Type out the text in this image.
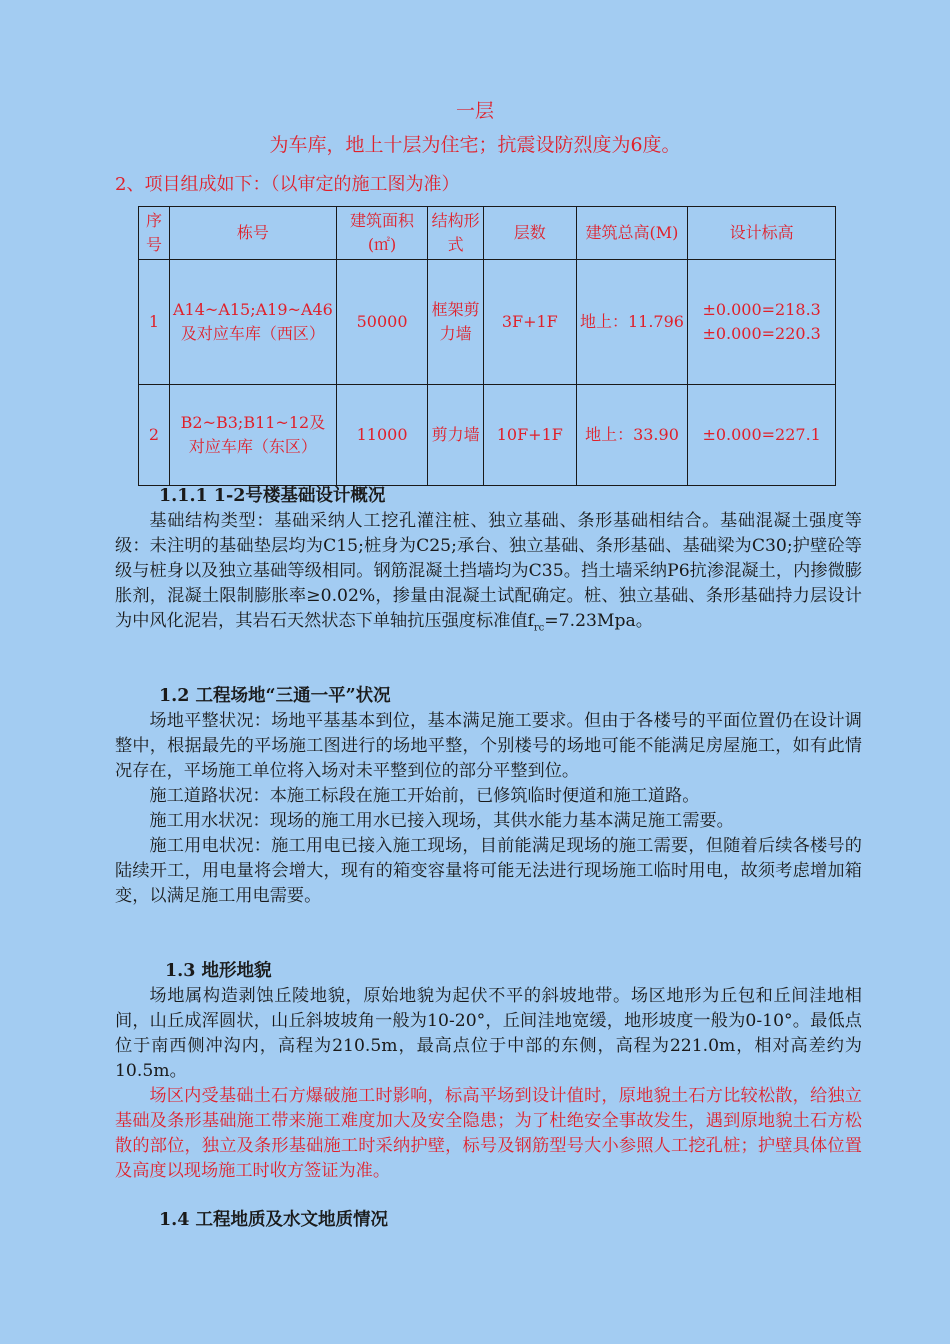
一层
为车库，地上十层为住宅；抗震设防烈度为6度。
2、项目组成如下：（以审定的施工图为准）
序号	栋号	建筑面积(㎡)	结构形式	层数	建筑总高(M)	设计标高
1	A14~A15;A19~A46及对应车库（西区）	50000	框架剪力墙	3F+1F	地上：11.796	±0.000=218.3
±0.000=220.3
2	B2~B3;B11~12及对应车库（东区）	11000	剪力墙	10F+1F	地上：33.90	±0.000=227.1
1.1.1 1-2号楼基础设计概况

基础结构类型：基础采纳人工挖孔灌注桩、独立基础、条形基础相结合。基础混凝土强度等级：未注明的基础垫层均为C15;桩身为C25;承台、独立基础、条形基础、基础梁为C30;护壁砼等级与桩身以及独立基础等级相同。钢筋混凝土挡墙均为C35。挡土墙采纳P6抗渗混凝土，内掺微膨胀剂，混凝土限制膨胀率≥0.02%，掺量由混凝土试配确定。桩、独立基础、条形基础持力层设计为中风化泥岩，其岩石天然状态下单轴抗压强度标准值$f_{rc}=7.23Mpa$。

1.2 工程场地“三通一平”状况

场地平整状况：场地平基基本到位，基本满足施工要求。但由于各楼号的平面位置仍在设计调整中，根据最先的平场施工图进行的场地平整，个别楼号的场地可能不能满足房屋施工，如有此情况存在，平场施工单位将入场对未平整到位的部分平整到位。

施工道路状况：本施工标段在施工开始前，已修筑临时便道和施工道路。

施工用水状况：现场的施工用水已接入现场，其供水能力基本满足施工需要。

施工用电状况：施工用电已接入施工现场，目前能满足现场的施工需要，但随着后续各楼号的陆续开工，用电量将会增大，现有的箱变容量将可能无法进行现场施工临时用电，故须考虑增加箱变，以满足施工用电需要。

1.3 地形地貌

场地属构造剥蚀丘陵地貌，原始地貌为起伏不平的斜坡地带。场区地形为丘包和丘间洼地相间，山丘成浑圆状，山丘斜坡坡角一般为10-20°，丘间洼地宽缓，地形坡度一般为0-10°。最低点位于南西侧冲沟内，高程为210.5m，最高点位于中部的东侧，高程为221.0m，相对高差约为10.5m。

场区内受基础土石方爆破施工时影响，标高平场到设计值时，原地貌土石方比较松散，给独立基础及条形基础施工带来施工难度加大及安全隐患；为了杜绝安全事故发生，遇到原地貌土石方松散的部位，独立及条形基础施工时采纳护壁，标号及钢筋型号大小参照人工挖孔桩；护壁具体位置及高度以现场施工时收方签证为准。

1.4 工程地质及水文地质情况
